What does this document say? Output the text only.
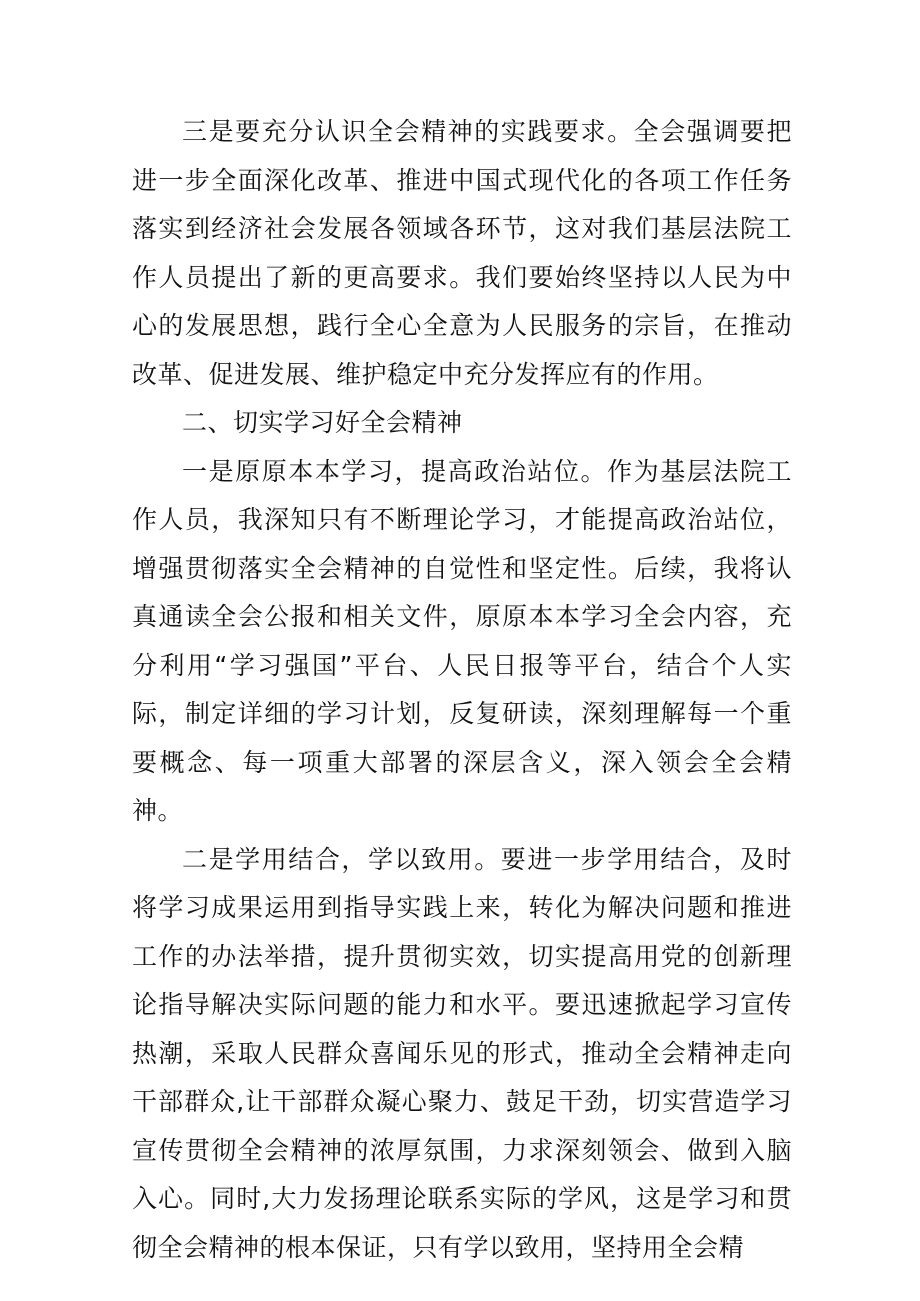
三是要充分认识全会精神的实践要求。全会强调要把进一步全面深化改革、推进中国式现代化的各项工作任务落实到经济社会发展各领域各环节，这对我们基层法院工作人员提出了新的更高要求。我们要始终坚持以人民为中心的发展思想，践行全心全意为人民服务的宗旨，在推动改革、促进发展、维护稳定中充分发挥应有的作用。

二、切实学习好全会精神

一是原原本本学习，提高政治站位。作为基层法院工作人员，我深知只有不断理论学习，才能提高政治站位，增强贯彻落实全会精神的自觉性和坚定性。后续，我将认真通读全会公报和相关文件，原原本本学习全会内容，充分利用“学习强国”平台、人民日报等平台，结合个人实际，制定详细的学习计划，反复研读，深刻理解每一个重要概念、每一项重大部署的深层含义，深入领会全会精神。

二是学用结合，学以致用。要进一步学用结合，及时将学习成果运用到指导实践上来，转化为解决问题和推进工作的办法举措，提升贯彻实效，切实提高用党的创新理论指导解决实际问题的能力和水平。要迅速掀起学习宣传热潮，采取人民群众喜闻乐见的形式，推动全会精神走向干部群众,让干部群众凝心聚力、鼓足干劲，切实营造学习宣传贯彻全会精神的浓厚氛围，力求深刻领会、做到入脑入心。同时,大力发扬理论联系实际的学风，这是学习和贯彻全会精神的根本保证，只有学以致用，坚持用全会精
